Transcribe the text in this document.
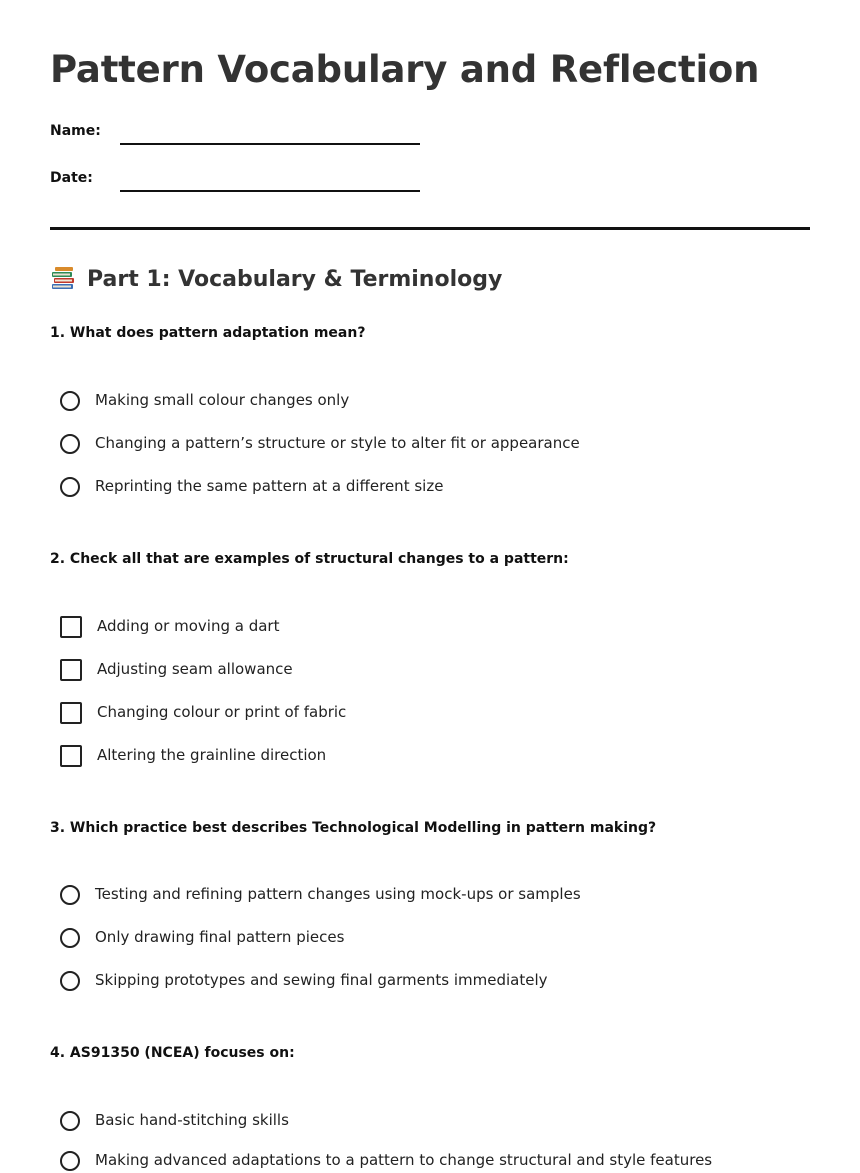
Pattern Vocabulary and Reflection
Name:
Date:
Part 1: Vocabulary & Terminology
1. What does pattern adaptation mean?
Making small colour changes only
Changing a pattern’s structure or style to alter fit or appearance
Reprinting the same pattern at a different size
2. Check all that are examples of structural changes to a pattern:
Adding or moving a dart
Adjusting seam allowance
Changing colour or print of fabric
Altering the grainline direction
3. Which practice best describes Technological Modelling in pattern making?
Testing and refining pattern changes using mock-ups or samples
Only drawing final pattern pieces
Skipping prototypes and sewing final garments immediately
4. AS91350 (NCEA) focuses on:
Basic hand-stitching skills
Making advanced adaptations to a pattern to change structural and style features
